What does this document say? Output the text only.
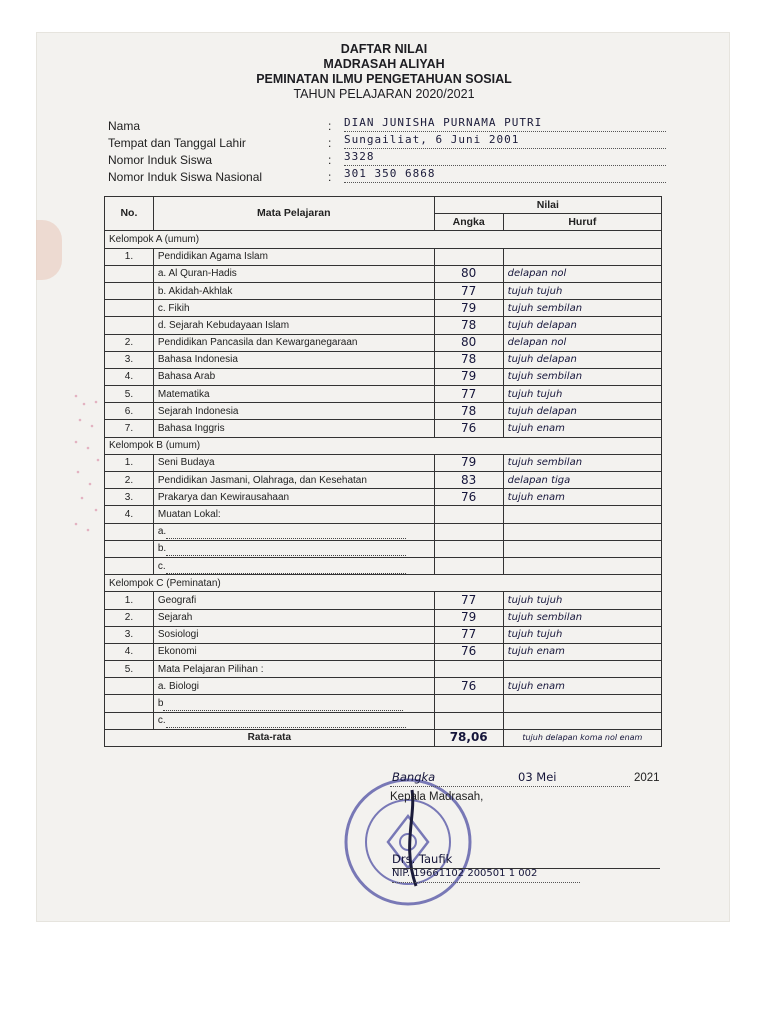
DAFTAR NILAI
MADRASAH ALIYAH
PEMINATAN ILMU PENGETAHUAN SOSIAL
TAHUN PELAJARAN 2020/2021
Nama	: DIAN JUNISHA PURNAMA PUTRI
Tempat dan Tanggal Lahir	: Sungailiat, 6 Juni 2001
Nomor Induk Siswa	: 3328
Nomor Induk Siswa Nasional	: 301 350 6868
No.	Mata Pelajaran	Nilai	
		Angka	Huruf
Kelompok A (umum)			
1.	Pendidikan Agama Islam		
	a. Al Quran-Hadis	80	delapan nol
	b. Akidah-Akhlak	77	tujuh tujuh
	c. Fikih	79	tujuh sembilan
	d. Sejarah Kebudayaan Islam	78	tujuh delapan
2.	Pendidikan Pancasila dan Kewarganegaraan	80	delapan nol
3.	Bahasa Indonesia	78	tujuh delapan
4.	Bahasa Arab	79	tujuh sembilan
5.	Matematika	77	tujuh tujuh
6.	Sejarah Indonesia	78	tujuh delapan
7.	Bahasa Inggris	76	tujuh enam
Kelompok B (umum)			
1.	Seni Budaya	79	tujuh sembilan
2.	Pendidikan Jasmani, Olahraga, dan Kesehatan	83	delapan tiga
3.	Prakarya dan Kewirausahaan	76	tujuh enam
4.	Muatan Lokal:		
	a.		
	b.		
	c.		
Kelompok C (Peminatan)			
1.	Geografi	77	tujuh tujuh
2.	Sejarah	79	tujuh sembilan
3.	Sosiologi	77	tujuh tujuh
4.	Ekonomi	76	tujuh enam
5.	Mata Pelajaran Pilihan :		
	a. Biologi	76	tujuh enam
	b		
	c.		
Rata-rata		78,06	tujuh delapan koma nol enam
Bangka	03 Mei	2021
Kepala Madrasah,
Drs. Taufik
NIP. 19661102 200501 1 002
